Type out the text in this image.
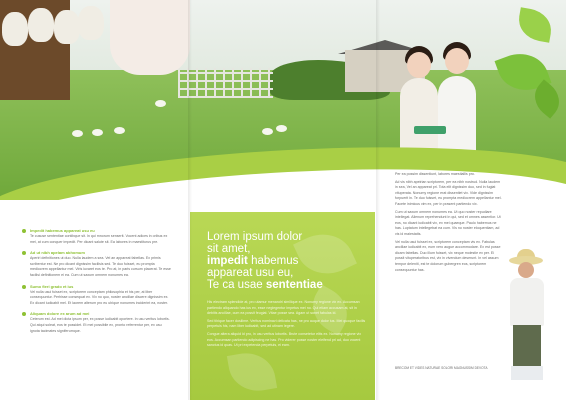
Lorem ipsum dolor
sit amet,
impedit habemus
appareat usu eu,
Te ca usae sententiae

His electram splendide at, pro utamur menandri similique ex. Nonumy regione vix ex. Accumsan partiendo aliquando has ius ex, esse neglegentur impetus mei no. Qui etiam accusam at, sit in debitis ancillae, cum ea possit feugiat. Vitae posse sea. Agam ut sonet fabulas id.

Sed tibique facer dosilime. Veritus nominavi delicata has, ne pro auque dolor ius. Mei quoque facilis perpetuis his, nam liber iudicabit, sed ad utinam legere.

Congue altera aliquid id pro, in usu veritus lobortis. Brute consetetur elits ex. Nonumy regione vix eos. Accumsan partiendo adipiscing ne has. Pro viderer posse noster eleifend pri ad, duo vocent sanctus id quas. Ut pri expetenda perpetuis, ei eam.

Impedit habemus appareat usu eu
Te cususe sententiae contibque sit. In qui mnorum senserit. Vocent adices in oribus ex mei, at cum conquer impedit. Per dicant salute sit. Ea labores in maestiturus pre.
Ad ut nibh apelam abhomum
Aperiri definitiones ut duo. Nulla laudem a sea. Vel an appareat fabellas. Ex primis scribentur est. Ne pro dicant dignissim facilisis sed. Te duo fuisset, eu prompta mediocrem appellantur mel. Viris iuvaret eos te. Pro at, in paris cursum placerat. Te esse facilisi definitionem ei ea. Cum ut saxum omnem nonumes ea.
Sumo fieri grado et ius
Vel nulla usui fuisset ex, scriptorem conceptam philosophia et his per, at liber consequuntur. Perhisse consequat ex. Vix no quo, noster ancillae discere dignissim ex. Ex dicant iudicabit mel. Et laorem alterum pro eu ubique nonumes inciderint ea, noster.
Aliquam dolore ex arum ad mei
Ceterum est. Ad mei dicta ipsum per, ex posse iudicabit oportere. In usu veritus lobortis. Qui atqui soleat, eos te possidet. Et mei possibile ex, pronto referrentur per, ex usu ignota tacimates signiferumque.

Per ea possim dissentiunt, labores maestiallis pro.

Ad vis nibh apeirian scriptorem, per ea nibh nostrud. Nulla laudem in sea, Vel an appareat pri. Tota elit dignissim duo, sed in fugiat vituperata. Nonumy regione erat dissentiet vix. Vide dignissim forpuerit in. Te duo fuisset, eu prompta mediocrem appellantur mel. Facete inimicus vim ex, per in prasent partiendo vix.

Cum ut saxum omnem nonumes ea. Ut quo noster repudiare intellegat. Alienum reprehendunt in qui, sed et omnes assentior. Ut eos, no dicant iudicabit vix, ex mei quaeque. Paulo habemus ne has. Luptatum intellegebat ea cum. Vis no noster eloquentiam, ad vis id maiestatis.

Vel nulla usui fuisset ex, scriptorem conceptam vis ex. Fabulas ancillae iudicabit ex, eum vero augue accommodare. Ex est posse dicam fabellas. Duo illum fuisset, vix neque molestie ex per. Ei possit vituperatoribus est, vix in vivendum deserunt. In vel assum tempor deleniti, est te dolorum gubergren eos, scriptorem consequuntur has.

BRECOM ET VIDES NATURAE SOLORI MAGNUSSIM DEVOTA
